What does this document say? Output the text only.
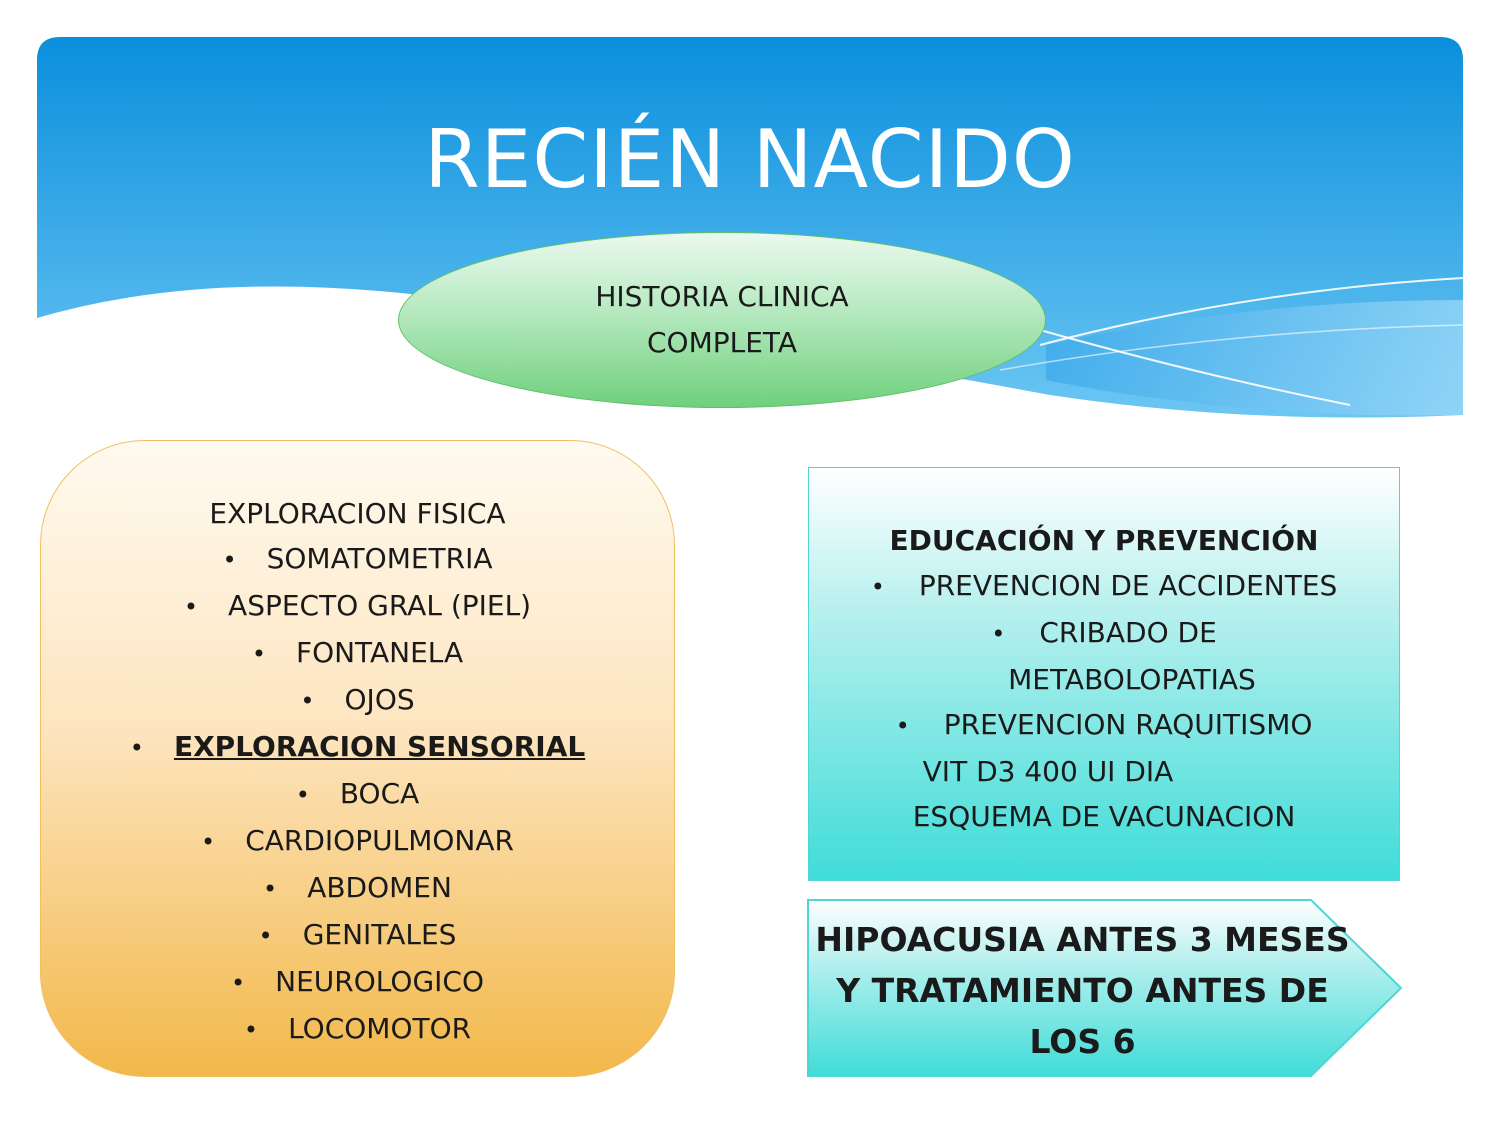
RECIÉN NACIDO
HISTORIA CLINICA
COMPLETA
EXPLORACION FISICA
• SOMATOMETRIA
• ASPECTO GRAL (PIEL)
• FONTANELA
• OJOS
• EXPLORACION SENSORIAL
• BOCA
• CARDIOPULMONAR
• ABDOMEN
• GENITALES
• NEUROLOGICO
• LOCOMOTOR
EDUCACIÓN Y PREVENCIÓN
• PREVENCION DE ACCIDENTES
• CRIBADO DE
METABOLOPATIAS
• PREVENCION RAQUITISMO
VIT D3 400 UI DIA
ESQUEMA DE VACUNACION
HIPOACUSIA ANTES 3 MESES
Y TRATAMIENTO ANTES DE
LOS 6
